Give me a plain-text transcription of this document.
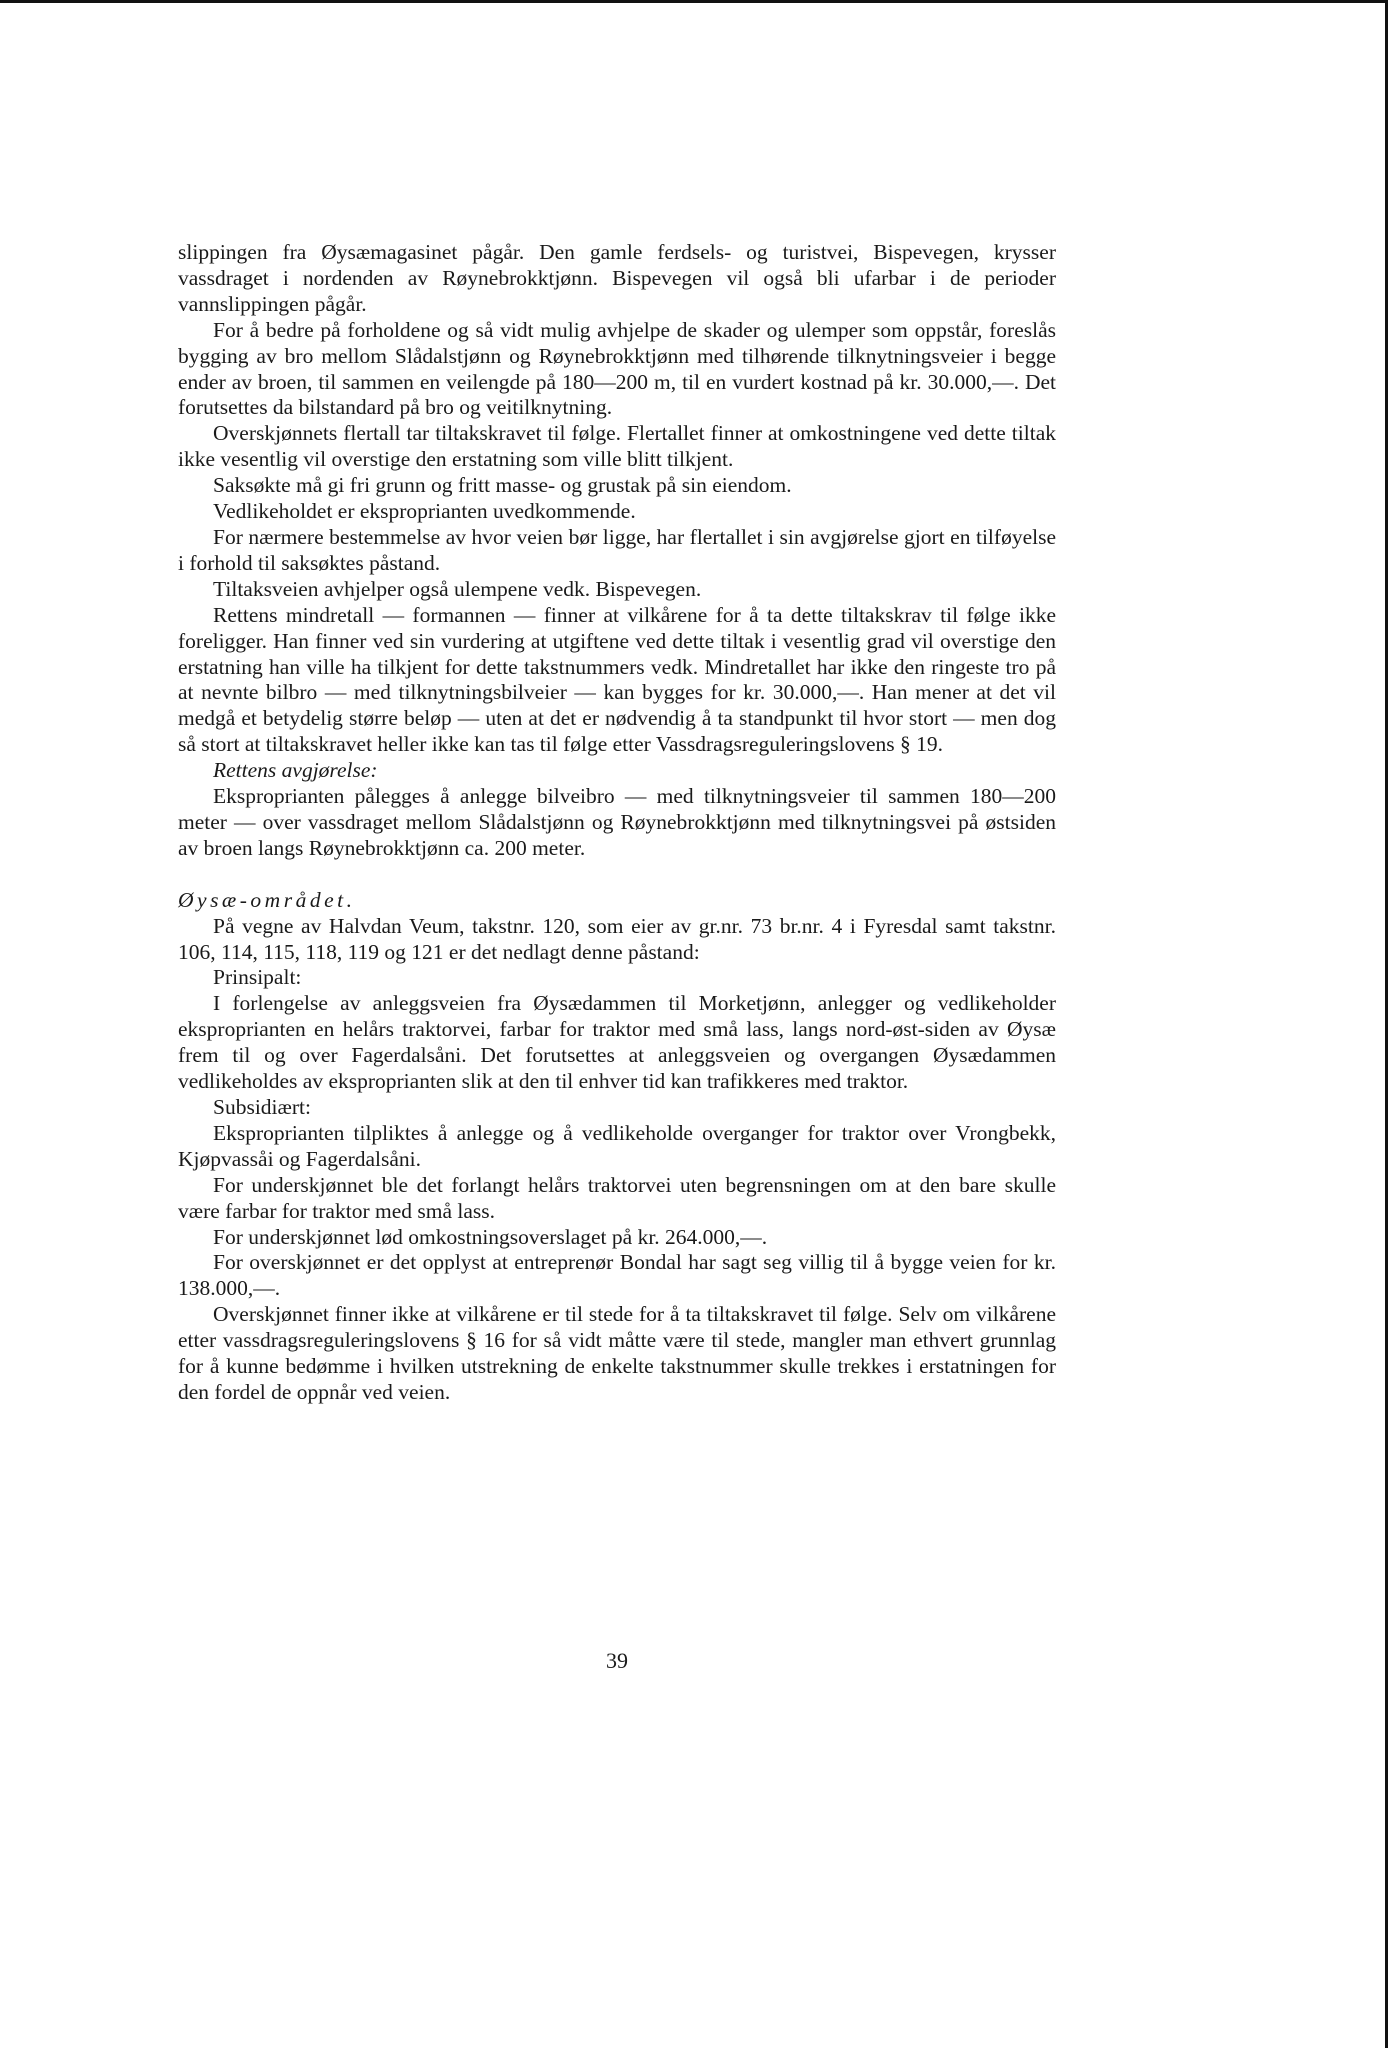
slippingen fra Øysæmagasinet pågår. Den gamle ferdsels- og turistvei, Bispevegen, krysser vassdraget i nordenden av Røynebrokktjønn. Bispevegen vil også bli ufarbar i de perioder vannslippingen pågår.

For å bedre på forholdene og så vidt mulig avhjelpe de skader og ulemper som oppstår, foreslås bygging av bro mellom Slådalstjønn og Røynebrokktjønn med tilhørende tilknytningsveier i begge ender av broen, til sammen en veilengde på 180—200 m, til en vurdert kostnad på kr. 30.000,—. Det forutsettes da bilstandard på bro og veitilknytning.

Overskjønnets flertall tar tiltakskravet til følge. Flertallet finner at omkostningene ved dette tiltak ikke vesentlig vil overstige den erstatning som ville blitt tilkjent.

Saksøkte må gi fri grunn og fritt masse- og grustak på sin eiendom.

Vedlikeholdet er eksproprianten uvedkommende.

For nærmere bestemmelse av hvor veien bør ligge, har flertallet i sin avgjørelse gjort en tilføyelse i forhold til saksøktes påstand.

Tiltaksveien avhjelper også ulempene vedk. Bispevegen.

Rettens mindretall — formannen — finner at vilkårene for å ta dette tiltakskrav til følge ikke foreligger. Han finner ved sin vurdering at utgiftene ved dette tiltak i vesentlig grad vil overstige den erstatning han ville ha tilkjent for dette takstnummers vedk. Mindretallet har ikke den ringeste tro på at nevnte bilbro — med tilknytningsbilveier — kan bygges for kr. 30.000,—. Han mener at det vil medgå et betydelig større beløp — uten at det er nødvendig å ta standpunkt til hvor stort — men dog så stort at tiltakskravet heller ikke kan tas til følge etter Vassdragsreguleringslovens § 19.

Rettens avgjørelse:

Eksproprianten pålegges å anlegge bilveibro — med tilknytningsveier til sammen 180—200 meter — over vassdraget mellom Slådalstjønn og Røynebrokktjønn med tilknytningsvei på østsiden av broen langs Røynebrokktjønn ca. 200 meter.

Øysæ-området.

På vegne av Halvdan Veum, takstnr. 120, som eier av gr.nr. 73 br.nr. 4 i Fyresdal samt takstnr. 106, 114, 115, 118, 119 og 121 er det nedlagt denne påstand:

Prinsipalt:

I forlengelse av anleggsveien fra Øysædammen til Morketjønn, anlegger og vedlikeholder eksproprianten en helårs traktorvei, farbar for traktor med små lass, langs nord-øst-siden av Øysæ frem til og over Fagerdalsåni. Det forutsettes at anleggsveien og overgangen Øysædammen vedlikeholdes av eksproprianten slik at den til enhver tid kan trafikkeres med traktor.

Subsidiært:

Eksproprianten tilpliktes å anlegge og å vedlikeholde overganger for traktor over Vrongbekk, Kjøpvassåi og Fagerdalsåni.

For underskjønnet ble det forlangt helårs traktorvei uten begrensningen om at den bare skulle være farbar for traktor med små lass.

For underskjønnet lød omkostningsoverslaget på kr. 264.000,—.

For overskjønnet er det opplyst at entreprenør Bondal har sagt seg villig til å bygge veien for kr. 138.000,—.

Overskjønnet finner ikke at vilkårene er til stede for å ta tiltakskravet til følge. Selv om vilkårene etter vassdragsreguleringslovens § 16 for så vidt måtte være til stede, mangler man ethvert grunnlag for å kunne bedømme i hvilken utstrekning de enkelte takstnummer skulle trekkes i erstatningen for den fordel de oppnår ved veien.

39
